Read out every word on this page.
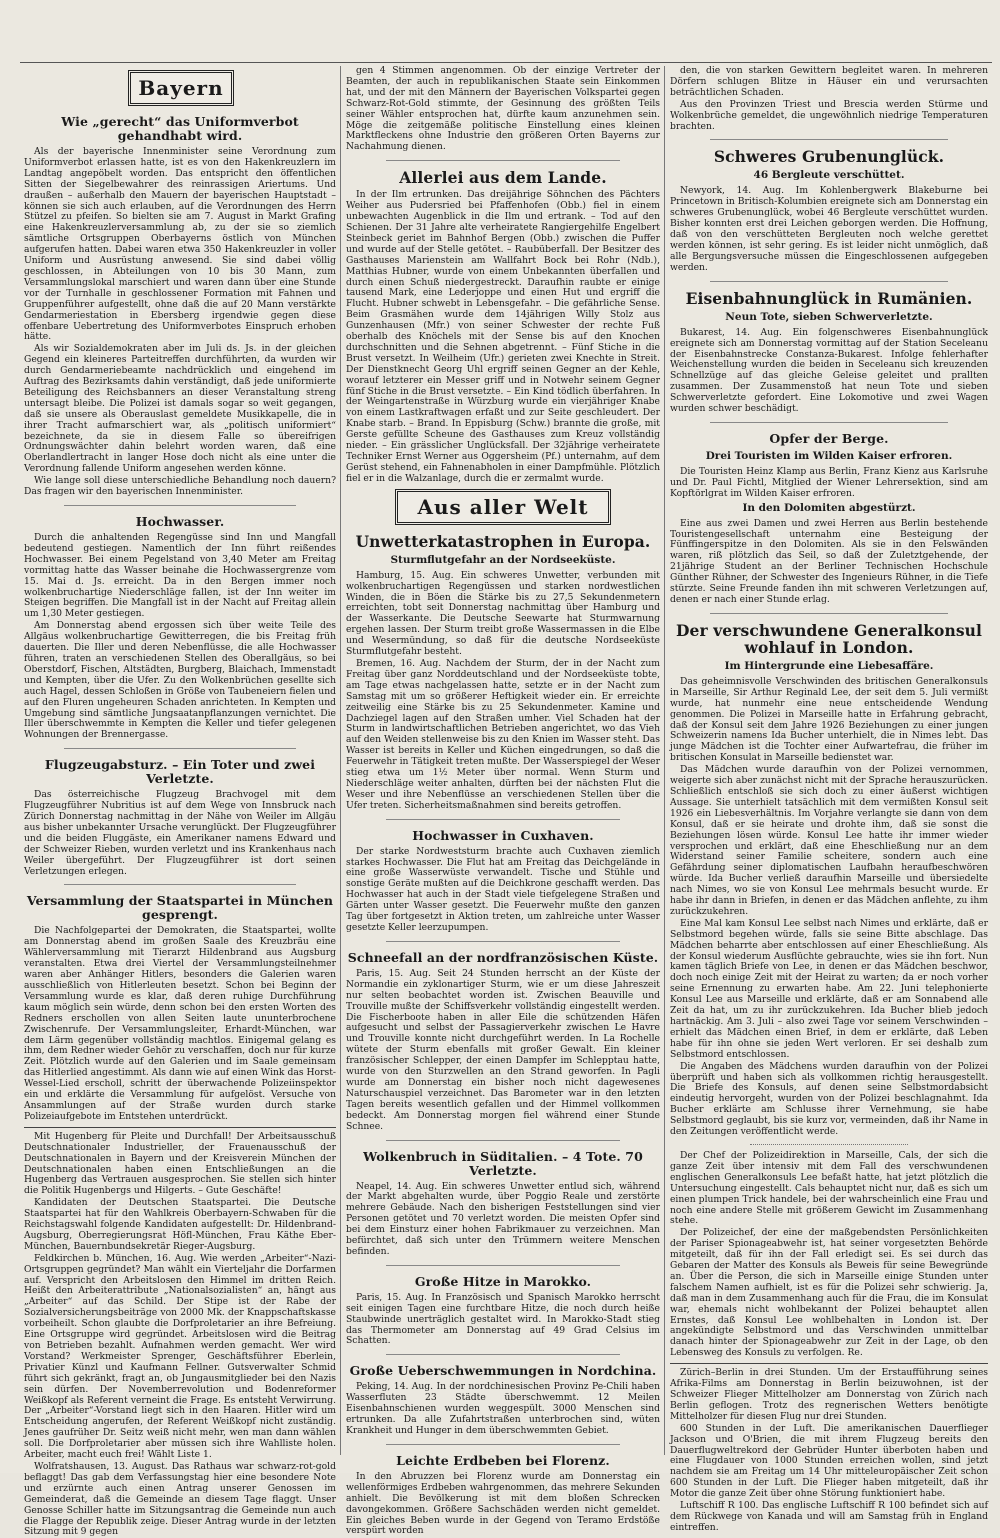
Bayern
Wie „gerecht“ das Uniformverbot gehandhabt wird.

Als der bayerische Innenminister seine Verordnung zum Uniformverbot erlassen hatte, ist es von den Hakenkreuzlern im Landtag angepöbelt worden. Das entspricht den öffentlichen Sitten der Siegelbewahrer des reinrassigen Ariertums. Und draußen – außerhalb den Mauern der bayerischen Hauptstadt – können sie sich auch erlauben, auf die Verordnungen des Herrn Stützel zu pfeifen. So bielten sie am 7. August in Markt Grafing eine Hakenkreuzlerversammlung ab, zu der sie so ziemlich sämtliche Ortsgruppen Oberbayerns östlich von München aufgerufen hatten. Dabei waren etwa 350 Hakenkreuzler in voller Uniform und Ausrüstung anwesend. Sie sind dabei völlig geschlossen, in Abteilungen von 10 bis 30 Mann, zum Versammlungslokal marschiert und waren dann über eine Stunde vor der Turnhalle in geschlossener Formation mit Fahnen und Gruppenführer aufgestellt, ohne daß die auf 20 Mann verstärkte Gendarmeriestation in Ebersberg irgendwie gegen diese offenbare Uebertretung des Uniformverbotes Einspruch erhoben hätte.

Als wir Sozialdemokraten aber im Juli ds. Js. in der gleichen Gegend ein kleineres Parteitreffen durchführten, da wurden wir durch Gendarmeriebeamte nachdrücklich und eingehend im Auftrag des Bezirksamts dahin verständigt, daß jede uniformierte Beteiligung des Reichsbanners an dieser Veranstaltung streng untersagt bleibe. Die Polizei ist damals sogar so weit gegangen, daß sie unsere als Oberauslast gemeldete Musikkapelle, die in ihrer Tracht aufmarschiert war, als „politisch uniformiert“ bezeichnete, da sie in diesem Falle so übereifrigen Ordnungswächter dahin belehrt worden waren, daß eine Oberlandlertracht in langer Hose doch nicht als eine unter die Verordnung fallende Uniform angesehen werden könne.

Wie lange soll diese unterschiedliche Behandlung noch dauern? Das fragen wir den bayerischen Innenminister.

Hochwasser.

Durch die anhaltenden Regengüsse sind Inn und Mangfall bedeutend gestiegen. Namentlich der Inn führt reißendes Hochwasser. Bei einem Pegelstand von 3,40 Meter am Freitag vormittag hatte das Wasser beinahe die Hochwassergrenze vom 15. Mai d. Js. erreicht. Da in den Bergen immer noch wolkenbruchartige Niederschläge fallen, ist der Inn weiter im Steigen begriffen. Die Mangfall ist in der Nacht auf Freitag allein um 1,30 Meter gestiegen.

Am Donnerstag abend ergossen sich über weite Teile des Allgäus wolkenbruchartige Gewitterregen, die bis Freitag früh dauerten. Die Iller und deren Nebenflüsse, die alle Hochwasser führen, traten an verschiedenen Stellen des Oberallgäus, so bei Oberstdorf, Fischen, Altstädten, Burgberg, Blaichach, Immenstadt und Kempten, über die Ufer. Zu den Wolkenbrüchen gesellte sich auch Hagel, dessen Schloßen in Größe von Taubeneiern fielen und auf den Fluren ungeheuren Schaden anrichteten. In Kempten und Umgebung sind sämtliche Jungsaatanpflanzungen vernichtet. Die Iller überschwemmte in Kempten die Keller und tiefer gelegenen Wohnungen der Brennergasse.

Flugzeugabsturz. – Ein Toter und zwei Verletzte.

Das österreichische Flugzeug Brachvogel mit dem Flugzeugführer Nubritius ist auf dem Wege von Innsbruck nach Zürich Donnerstag nachmittag in der Nähe von Weiler im Allgäu aus bisher unbekannter Ursache verunglückt. Der Flugzeugführer und die beiden Fluggäste, ein Amerikaner namens Edward und der Schweizer Rieben, wurden verletzt und ins Krankenhaus nach Weiler übergeführt. Der Flugzeugführer ist dort seinen Verletzungen erlegen.

Versammlung der Staatspartei in München gesprengt.

Die Nachfolgepartei der Demokraten, die Staatspartei, wollte am Donnerstag abend im großen Saale des Kreuzbräu eine Wählerversammlung mit Tierarzt Hildenbrand aus Augsburg veranstalten. Etwa drei Viertel der Versammlungsteilnehmer waren aber Anhänger Hitlers, besonders die Galerien waren ausschließlich von Hitlerleuten besetzt. Schon bei Beginn der Versammlung wurde es klar, daß deren ruhige Durchführung kaum möglich sein würde, denn schon bei den ersten Worten des Redners erschollen von allen Seiten laute ununterbrochene Zwischenrufe. Der Versammlungsleiter, Erhardt-München, war dem Lärm gegenüber vollständig machtlos. Einigemal gelang es ihm, dem Redner wieder Gehör zu verschaffen, doch nur für kurze Zeit. Plötzlich wurde auf den Galerien und im Saale gemeinsam das Hitlerlied angestimmt. Als dann wie auf einen Wink das Horst-Wessel-Lied erscholl, schritt der überwachende Polizeiinspektor ein und erklärte die Versammlung für aufgelöst. Versuche von Ansammlungen auf der Straße wurden durch starke Polizeiaufgebote im Entstehen unterdrückt.

Mit Hugenberg für Pleite und Durchfall! Der Arbeitsausschuß Deutschnationaler Industrieller, der Frauenausschuß der Deutschnationalen in Bayern und der Kreisverein München der Deutschnationalen haben einen Entschließungen an die Hugenberg das Vertrauen ausgesprochen. Sie stellen sich hinter die Politik Hugenbergs und Hilgerts. – Gute Geschäfte!

Kandidaten der Deutschen Staatspartei. Die Deutsche Staatspartei hat für den Wahlkreis Oberbayern-Schwaben für die Reichstagswahl folgende Kandidaten aufgestellt: Dr. Hildenbrand-Augsburg, Oberregierungsrat Höfl-München, Frau Käthe Eber-München, Bauernbundsekretär Rieger-Augsburg.

Feldkirchen b. München, 16. Aug. Wie werden „Arbeiter“-Nazi-Ortsgruppen gegründet? Man wählt ein Vierteljahr die Dorfarmen auf. Verspricht den Arbeitslosen den Himmel im dritten Reich. Heißt den Arbeiterattribute „Nationalsozialisten“ an, hängt aus „Arbeiter“ auf das Schild. Der Stipe ist der Rabe der Sozialversicherungsbeiträge von 2000 Mk. der Knappschaftskasse vorbeiheilt. Schon glaubte die Dorfproletarier an ihre Befreiung. Eine Ortsgruppe wird gegründet. Arbeitslosen wird die Beitrag von Betrieben bezahlt. Aufnahmen werden gemacht. Wer wird Vorstand? Werkmeister Sprenger, Geschäftsführer Eberlein, Privatier Künzl und Kaufmann Fellner. Gutsverwalter Schmid führt sich gekränkt, fragt an, ob Jungausmitglieder bei den Nazis sein dürfen. Der Novemberrevolution und Bodenreformer Weißkopf als Referent verneint die Frage. Es entsteht Verwirrung. Der „Arbeiter“-Vorstand liegt sich in den Haaren. Hitler wird um Entscheidung angerufen, der Referent Weißkopf nicht zuständig. Jenes gaufrüher Dr. Seitz weiß nicht mehr, wen man dann wählen soll. Die Dorfproletarier aber müssen sich ihre Wahlliste holen. Arbeiter, macht euch frei! Wählt Liste 1.

Wolfratshausen, 13. August. Das Rathaus war schwarz-rot-gold beflaggt! Das gab dem Verfassungstag hier eine besondere Note und erzürnte auch einen Antrag unserer Genossen im Gemeinderat, daß die Gemeinde an diesem Tage flaggt. Unser Genosse Schiller hatte im Sitzungsantrag die Gemeinde nun auch die Flagge der Republik zeige. Dieser Antrag wurde in der letzten Sitzung mit 9 gegen

gen 4 Stimmen angenommen. Ob der einzige Vertreter der Beamten, der auch in republikanischen Staate sein Einkommen hat, und der mit den Männern der Bayerischen Volkspartei gegen Schwarz-Rot-Gold stimmte, der Gesinnung des größten Teils seiner Wähler entsprochen hat, dürfte kaum anzunehmen sein. Möge die zeitgemäße politische Einstellung eines kleinen Marktfleckens ohne Industrie den größeren Orten Bayerns zur Nachahmung dienen.

Allerlei aus dem Lande.

In der Ilm ertrunken. Das dreijährige Söhnchen des Pächters Weiher aus Pudersried bei Pfaffenhofen (Obb.) fiel in einem unbewachten Augenblick in die Ilm und ertrank. – Tod auf den Schienen. Der 31 Jahre alte verheiratete Rangiergehilfe Engelbert Steinbeck geriet im Bahnhof Bergen (Obb.) zwischen die Puffer und wurde auf der Stelle getötet. – Raubüberfall. Der Besitzer des Gasthauses Marienstein am Wallfahrt Bock bei Rohr (Ndb.), Matthias Hubner, wurde von einem Unbekannten überfallen und durch einen Schuß niedergestreckt. Daraufhin raubte er einige tausend Mark, eine Lederjoppe und einen Hut und ergriff die Flucht. Hubner schwebt in Lebensgefahr. – Die gefährliche Sense. Beim Grasmähen wurde dem 14jährigen Willy Stolz aus Gunzenhausen (Mfr.) von seiner Schwester der rechte Fuß oberhalb des Knöchels mit der Sense bis auf den Knochen durchschnitten und die Sehnen abgetrennt. – Fünf Stiche in die Brust versetzt. In Weilheim (Ufr.) gerieten zwei Knechte in Streit. Der Dienstknecht Georg Uhl ergriff seinen Gegner an der Kehle, worauf letzterer ein Messer griff und in Notwehr seinem Gegner fünf Stiche in die Brust versetzte. – Ein Kind tödlich überfahren. In der Weingartenstraße in Würzburg wurde ein vierjähriger Knabe von einem Lastkraftwagen erfaßt und zur Seite geschleudert. Der Knabe starb. – Brand. In Eppisburg (Schw.) brannte die große, mit Gerste gefüllte Scheune des Gasthauses zum Kreuz vollständig nieder. – Ein grässlicher Unglücksfall. Der 32jährige verheiratete Techniker Ernst Werner aus Oggersheim (Pf.) unternahm, auf dem Gerüst stehend, ein Fahnenabholen in einer Dampfmühle. Plötzlich fiel er in die Walzanlage, durch die er zermalmt wurde.

Aus aller Welt
Unwetterkatastrophen in Europa.
Sturmflutgefahr an der Nordseeküste.

Hamburg, 15. Aug. Ein schweres Unwetter, verbunden mit wolkenbruchartigen Regengüssen und starken nordwestlichen Winden, die in Böen die Stärke bis zu 27,5 Sekundenmetern erreichten, tobt seit Donnerstag nachmittag über Hamburg und der Wasserkante. Die Deutsche Seewarte hat Sturmwarnung ergehen lassen. Der Sturm treibt große Wassermassen in die Elbe und Wesermündung, so daß für die deutsche Nordseeküste Sturmflutgefahr besteht.

Bremen, 16. Aug. Nachdem der Sturm, der in der Nacht zum Freitag über ganz Norddeutschland und der Nordseeküste tobte, am Tage etwas nachgelassen hatte, setzte er in der Nacht zum Samstag mit um so größerer Heftigkeit wieder ein. Er erreichte zeitweilig eine Stärke bis zu 25 Sekundenmeter. Kamine und Dachziegel lagen auf den Straßen umher. Viel Schaden hat der Sturm in landwirtschaftlichen Betrieben angerichtet, wo das Vieh auf den Weiden stellenweise bis zu den Knien im Wasser steht. Das Wasser ist bereits in Keller und Küchen eingedrungen, so daß die Feuerwehr in Tätigkeit treten mußte. Der Wasserspiegel der Weser stieg etwa um 1½ Meter über normal. Wenn Sturm und Niederschläge weiter anhalten, dürften bei der nächsten Flut die Weser und ihre Nebenflüsse an verschiedenen Stellen über die Ufer treten. Sicherheitsmaßnahmen sind bereits getroffen.

Hochwasser in Cuxhaven.

Der starke Nordweststurm brachte auch Cuxhaven ziemlich starkes Hochwasser. Die Flut hat am Freitag das Deichgelände in eine große Wasserwüste verwandelt. Tische und Stühle und sonstige Geräte mußten auf die Deichkrone geschafft werden. Das Hochwasser hat auch in der Stadt viele tiefgelegene Straßen und Gärten unter Wasser gesetzt. Die Feuerwehr mußte den ganzen Tag über fortgesetzt in Aktion treten, um zahlreiche unter Wasser gesetzte Keller leerzupumpen.

Schneefall an der nordfranzösischen Küste.

Paris, 15. Aug. Seit 24 Stunden herrscht an der Küste der Normandie ein zyklonartiger Sturm, wie er um diese Jahreszeit nur selten beobachtet worden ist. Zwischen Beauville und Trouville mußte der Schiffsverkehr vollständig eingestellt werden. Die Fischerboote haben in aller Eile die schützenden Häfen aufgesucht und selbst der Passagierverkehr zwischen Le Havre und Trouville konnte nicht durchgeführt werden. In La Rochelle wütete der Sturm ebenfalls mit großer Gewalt. Ein kleiner französischer Schlepper, der einen Dampfer im Schlepptau hatte, wurde von den Sturzwellen an den Strand geworfen. In Pagli wurde am Donnerstag ein bisher noch nicht dagewesenes Naturschauspiel verzeichnet. Das Barometer war in den letzten Tagen bereits wesentlich gefallen und der Himmel vollkommen bedeckt. Am Donnerstag morgen fiel während einer Stunde Schnee.

Wolkenbruch in Süditalien. – 4 Tote. 70 Verletzte.

Neapel, 14. Aug. Ein schweres Unwetter entlud sich, während der Markt abgehalten wurde, über Poggio Reale und zerstörte mehrere Gebäude. Nach den bisherigen Feststellungen sind vier Personen getötet und 70 verletzt worden. Die meisten Opfer sind bei dem Einsturz einer hohen Fabrikmauer zu verzeichnen. Man befürchtet, daß sich unter den Trümmern weitere Menschen befinden.

Große Hitze in Marokko.

Paris, 15. Aug. In Französisch und Spanisch Marokko herrscht seit einigen Tagen eine furchtbare Hitze, die noch durch heiße Staubwinde unerträglich gestaltet wird. In Marokko-Stadt stieg das Thermometer am Donnerstag auf 49 Grad Celsius im Schatten.

Große Ueberschwemmungen in Nordchina.

Peking, 14. Aug. In der nordchinesischen Provinz Pe-Chili haben Wasserfluten 23 Städte überschwemmt. 12 Meilen Eisenbahnschienen wurden weggespült. 3000 Menschen sind ertrunken. Da alle Zufahrtstraßen unterbrochen sind, wüten Krankheit und Hunger in dem überschwemmten Gebiet.

Leichte Erdbeben bei Florenz.

In den Abruzzen bei Florenz wurde am Donnerstag ein wellenförmiges Erdbeben wahrgenommen, das mehrere Sekunden anhielt. Die Bevölkerung ist mit dem bloßen Schrecken davongekommen. Größere Sachschäden werden nicht gemeldet. Ein gleiches Beben wurde in der Gegend von Teramo Erdstöße verspürt worden

den, die von starken Gewittern begleitet waren. In mehreren Dörfern schlugen Blitze in Häuser ein und verursachten beträchtlichen Schaden.

Aus den Provinzen Triest und Brescia werden Stürme und Wolkenbrüche gemeldet, die ungewöhnlich niedrige Temperaturen brachten.

Schweres Grubenunglück.
46 Bergleute verschüttet.

Newyork, 14. Aug. Im Kohlenbergwerk Blakeburne bei Princetown in Britisch-Kolumbien ereignete sich am Donnerstag ein schweres Grubenunglück, wobei 46 Bergleute verschüttet wurden. Bisher konnten erst drei Leichen geborgen werden. Die Hoffnung, daß von den verschütteten Bergleuten noch welche gerettet werden können, ist sehr gering. Es ist leider nicht unmöglich, daß alle Bergungsversuche müssen die Eingeschlossenen aufgegeben werden.

Eisenbahnunglück in Rumänien.
Neun Tote, sieben Schwerverletzte.

Bukarest, 14. Aug. Ein folgenschweres Eisenbahnunglück ereignete sich am Donnerstag vormittag auf der Station Seceleanu der Eisenbahnstrecke Constanza-Bukarest. Infolge fehlerhafter Weichenstellung wurden die beiden in Seceleanu sich kreuzenden Schnellzüge auf das gleiche Geleise geleitet und prallten zusammen. Der Zusammenstoß hat neun Tote und sieben Schwerverletzte gefordert. Eine Lokomotive und zwei Wagen wurden schwer beschädigt.

Opfer der Berge.
Drei Touristen im Wilden Kaiser erfroren.

Die Touristen Heinz Klamp aus Berlin, Franz Kienz aus Karlsruhe und Dr. Paul Fichtl, Mitglied der Wiener Lehrersektion, sind am Kopftörlgrat im Wilden Kaiser erfroren.

In den Dolomiten abgestürzt.

Eine aus zwei Damen und zwei Herren aus Berlin bestehende Touristengesellschaft unternahm eine Besteigung der Fünffingerspitze in den Dolomiten. Als sie in den Felswänden waren, riß plötzlich das Seil, so daß der Zuletztgehende, der 21jährige Student an der Berliner Technischen Hochschule Günther Rühner, der Schwester des Ingenieurs Rühner, in die Tiefe stürzte. Seine Freunde fanden ihn mit schweren Verletzungen auf, denen er nach einer Stunde erlag.

Der verschwundene Generalkonsul wohlauf in London.
Im Hintergrunde eine Liebesaffäre.

Das geheimnisvolle Verschwinden des britischen Generalkonsuls in Marseille, Sir Arthur Reginald Lee, der seit dem 5. Juli vermißt wurde, hat nunmehr eine neue entscheidende Wendung genommen. Die Polizei in Marseille hatte in Erfahrung gebracht, daß der Konsul seit dem Jahre 1926 Beziehungen zu einer jungen Schweizerin namens Ida Bucher unterhielt, die in Nimes lebt. Das junge Mädchen ist die Tochter einer Aufwartefrau, die früher im britischen Konsulat in Marseille bedienstet war.

Das Mädchen wurde daraufhin von der Polizei vernommen, weigerte sich aber zunächst nicht mit der Sprache herauszurücken. Schließlich entschloß sie sich doch zu einer äußerst wichtigen Aussage. Sie unterhielt tatsächlich mit dem vermißten Konsul seit 1926 ein Liebesverhältnis. Im Vorjahre verlangte sie dann von dem Konsul, daß er sie heirate und drohte ihm, daß sie sonst die Beziehungen lösen würde. Konsul Lee hatte ihr immer wieder versprochen und erklärt, daß eine Eheschließung nur an dem Widerstand seiner Familie scheitere, sondern auch eine Gefährdung seiner diplomatischen Laufbahn heraufbeschwören würde. Ida Bucher verließ daraufhin Marseille und übersiedelte nach Nimes, wo sie von Konsul Lee mehrmals besucht wurde. Er habe ihr dann in Briefen, in denen er das Mädchen anflehte, zu ihm zurückzukehren.

Eine Mal kam Konsul Lee selbst nach Nimes und erklärte, daß er Selbstmord begehen würde, falls sie seine Bitte abschlage. Das Mädchen beharrte aber entschlossen auf einer Eheschließung. Als der Konsul wiederum Ausflüchte gebrauchte, wies sie ihn fort. Nun kamen täglich Briefe von Lee, in denen er das Mädchen beschwor, doch noch einige Zeit mit der Heirat zu warten; da er noch vorher seine Ernennung zu erwarten habe. Am 22. Juni telephonierte Konsul Lee aus Marseille und erklärte, daß er am Sonnabend alle Zeit da hat, um zu ihr zurückzukehren. Ida Bucher blieb jedoch hartnäckig. Am 3. Juli – also zwei Tage vor seinem Verschwinden – erhielt das Mädchen einen Brief, in dem er erklärte, daß Leben habe für ihn ohne sie jeden Wert verloren. Er sei deshalb zum Selbstmord entschlossen.

Die Angaben des Mädchens wurden daraufhin von der Polizei überprüft und haben sich als vollkommen richtig herausgestellt. Die Briefe des Konsuls, auf denen seine Selbstmordabsicht eindeutig hervorgeht, wurden von der Polizei beschlagnahmt. Ida Bucher erklärte am Schlusse ihrer Vernehmung, sie habe Selbstmord geglaubt, bis sie kurz vor, vermeinden, daß ihr Name in den Zeitungen veröffentlicht werde.

Der Chef der Polizeidirektion in Marseille, Cals, der sich die ganze Zeit über intensiv mit dem Fall des verschwundenen englischen Generalkonsuls Lee befaßt hatte, hat jetzt plötzlich die Untersuchung eingestellt. Cals behauptet nicht nur, daß es sich um einen plumpen Trick handele, bei der wahrscheinlich eine Frau und noch eine andere Stelle mit größerem Gewicht im Zusammenhang stehe.

Der Polizeichef, der eine der maßgebendsten Persönlichkeiten der Pariser Spionageabwehr ist, hat seiner vorgesetzten Behörde mitgeteilt, daß für ihn der Fall erledigt sei. Es sei durch das Gebaren der Matter des Konsuls als Beweis für seine Bewegründe an. Über die Person, die sich in Marseille einige Stunden unter falschem Namen aufhielt, ist es für die Polizei sehr schwierig. Ja, daß man in dem Zusammenhang auch für die Frau, die im Konsulat war, ehemals nicht wohlbekannt der Polizei behauptet allen Ernstes, daß Konsul Lee wohlbehalten in London ist. Der angekündigte Selbstmord und das Verschwinden unmittelbar danach hinter der Spionageabwehr zur Zeit in der Lage, ob den Lebensweg des Konsuls zu verfolgen. Re.

Zürich–Berlin in drei Stunden. Um der Erstaufführung seines Afrika-Films am Donnerstag in Berlin beizuwohnen, ist der Schweizer Flieger Mittelholzer am Donnerstag von Zürich nach Berlin geflogen. Trotz des regnerischen Wetters benötigte Mittelholzer für diesen Flug nur drei Stunden.

600 Stunden in der Luft. Die amerikanischen Dauerflieger Jackson und O'Brien, die mit ihrem Flugzeug bereits den Dauerflugweltrekord der Gebrüder Hunter überboten haben und eine Flugdauer von 1000 Stunden erreichen wollen, sind jetzt nachdem sie am Freitag um 14 Uhr mitteleuropäischer Zeit schon 600 Stunden in der Luft. Die Flieger haben mitgeteilt, daß ihr Motor die ganze Zeit über ohne Störung funktioniert habe.

Luftschiff R 100. Das englische Luftschiff R 100 befindet sich auf dem Rückwege von Kanada und will am Samstag früh in England eintreffen.
